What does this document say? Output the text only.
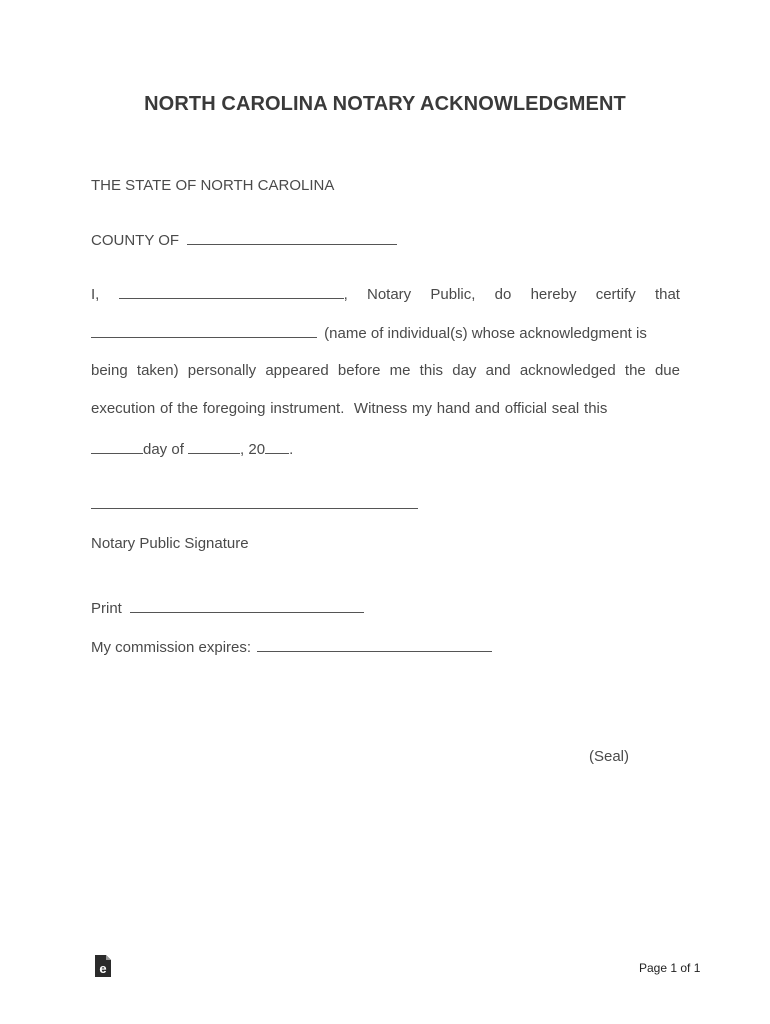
NORTH CAROLINA NOTARY ACKNOWLEDGMENT
THE STATE OF NORTH CAROLINA
COUNTY OF
I,	, Notary Public, do hereby certify that
(name of individual(s) whose acknowledgment is
being taken) personally appeared before me this day and acknowledged the due
execution of the foregoing instrument.  Witness my hand and official seal this
day of	, 20 .
Notary Public Signature
Print
My commission expires:
(Seal)
e	Page 1 of 1
